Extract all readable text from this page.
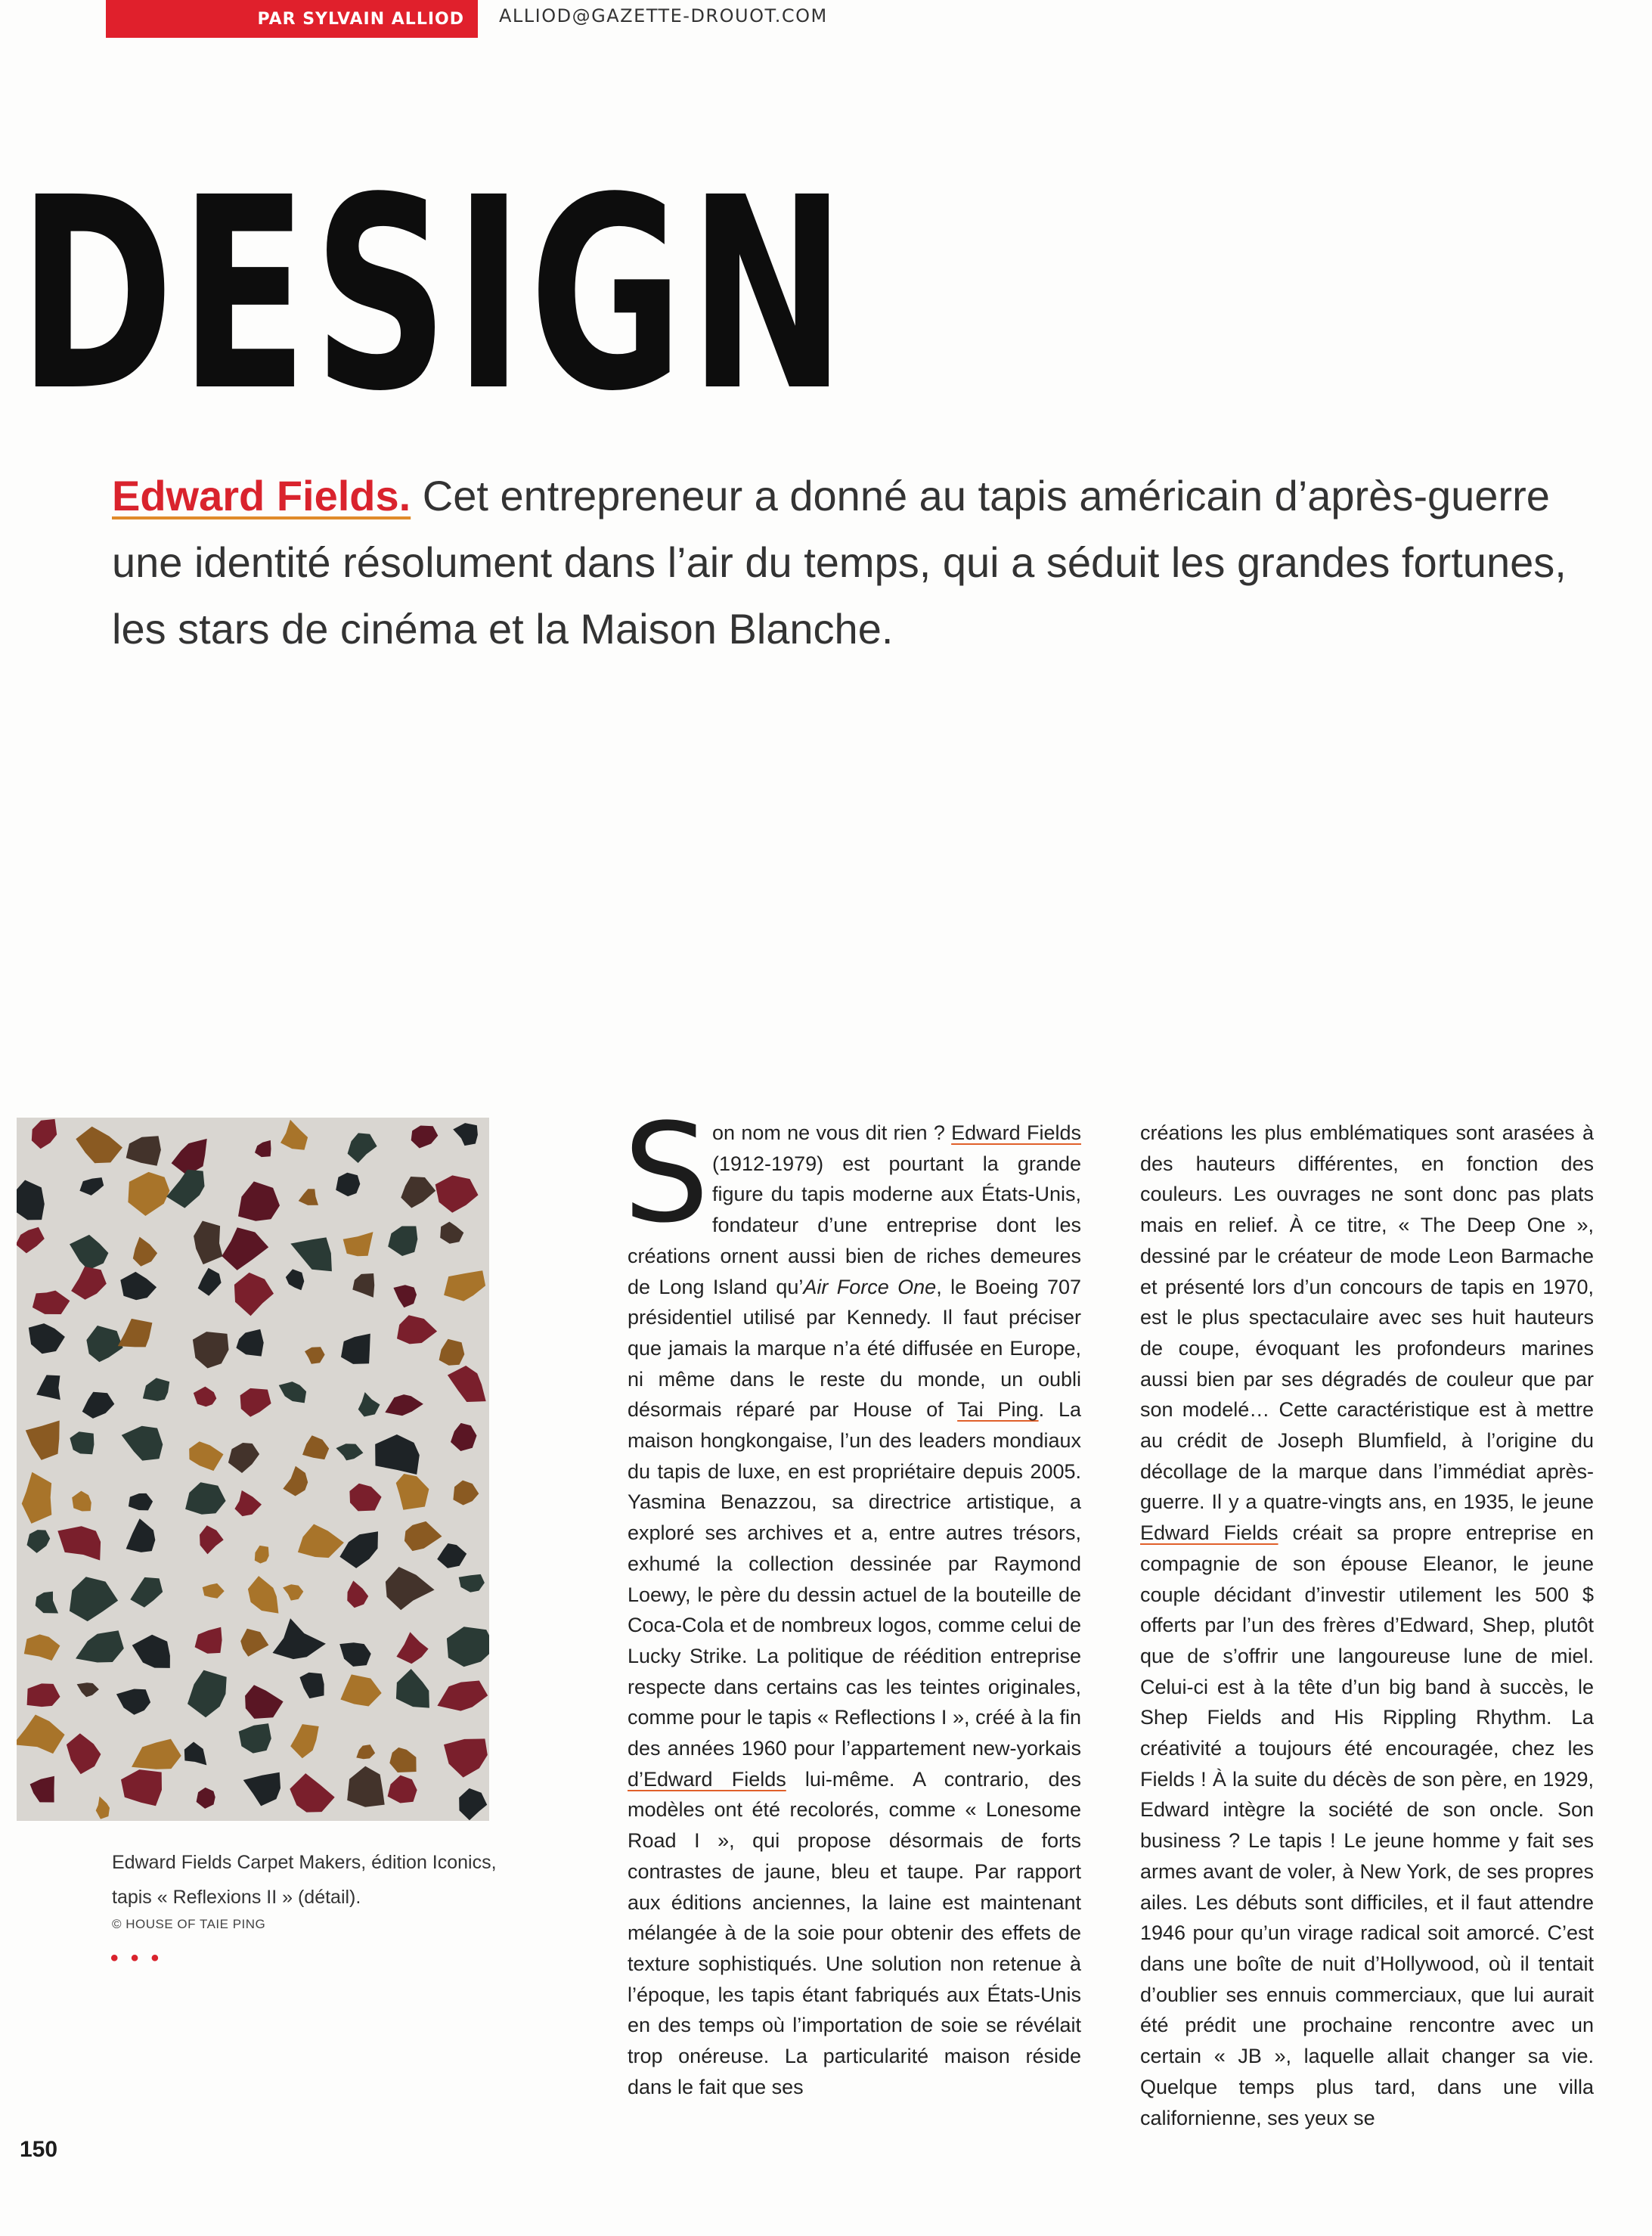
PAR SYLVAIN ALLIOD ALLIOD@GAZETTE-DROUOT.COM
DESIGN

Edward Fields. Cet entrepreneur a donné au tapis américain d’après-guerre une identité résolument dans l’air du temps, qui a séduit les grandes fortunes, les stars de cinéma et la Maison Blanche.

Edward Fields Carpet Makers, édition Iconics, tapis « Reflexions II » (détail).
© HOUSE OF TAIE PING
• • •

Son nom ne vous dit rien ? Edward Fields (1912-1979) est pourtant la grande figure du tapis moderne aux États-Unis, fondateur d’une entreprise dont les créations ornent aussi bien de riches demeures de Long Island qu’Air Force One, le Boeing 707 présidentiel utilisé par Kennedy. Il faut préciser que jamais la marque n’a été diffusée en Europe, ni même dans le reste du monde, un oubli désormais réparé par House of Tai Ping. La maison hongkongaise, l’un des leaders mondiaux du tapis de luxe, en est propriétaire depuis 2005. Yasmina Benazzou, sa directrice artistique, a exploré ses archives et a, entre autres trésors, exhumé la collection dessinée par Raymond Loewy, le père du dessin actuel de la bouteille de Coca-Cola et de nombreux logos, comme celui de Lucky Strike. La politique de réédition entreprise respecte dans certains cas les teintes originales, comme pour le tapis « Reflections I », créé à la fin des années 1960 pour l’appartement new-yorkais d’Edward Fields lui-même. A contrario, des modèles ont été recolorés, comme « Lonesome Road I », qui propose désormais de forts contrastes de jaune, bleu et taupe. Par rapport aux éditions anciennes, la laine est maintenant mélangée à de la soie pour obtenir des effets de texture sophistiqués. Une solution non retenue à l’époque, les tapis étant fabriqués aux États-Unis en des temps où l’importation de soie se révélait trop onéreuse. La particularité maison réside dans le fait que ses

créations les plus emblématiques sont arasées à des hauteurs différentes, en fonction des couleurs. Les ouvrages ne sont donc pas plats mais en relief. À ce titre, « The Deep One », dessiné par le créateur de mode Leon Barmache et présenté lors d’un concours de tapis en 1970, est le plus spectaculaire avec ses huit hauteurs de coupe, évoquant les profondeurs marines aussi bien par ses dégradés de couleur que par son modelé… Cette caractéristique est à mettre au crédit de Joseph Blumfield, à l’origine du décollage de la marque dans l’immédiat après-guerre. Il y a quatre-vingts ans, en 1935, le jeune Edward Fields créait sa propre entreprise en compagnie de son épouse Eleanor, le jeune couple décidant d’investir utilement les 500 $ offerts par l’un des frères d’Edward, Shep, plutôt que de s’offrir une langoureuse lune de miel. Celui-ci est à la tête d’un big band à succès, le Shep Fields and His Rippling Rhythm. La créativité a toujours été encouragée, chez les Fields ! À la suite du décès de son père, en 1929, Edward intègre la société de son oncle. Son business ? Le tapis ! Le jeune homme y fait ses armes avant de voler, à New York, de ses propres ailes. Les débuts sont difficiles, et il faut attendre 1946 pour qu’un virage radical soit amorcé. C’est dans une boîte de nuit d’Hollywood, où il tentait d’oublier ses ennuis commerciaux, que lui aurait été prédit une prochaine rencontre avec un certain « JB », laquelle allait changer sa vie. Quelque temps plus tard, dans une villa californienne, ses yeux se

150
